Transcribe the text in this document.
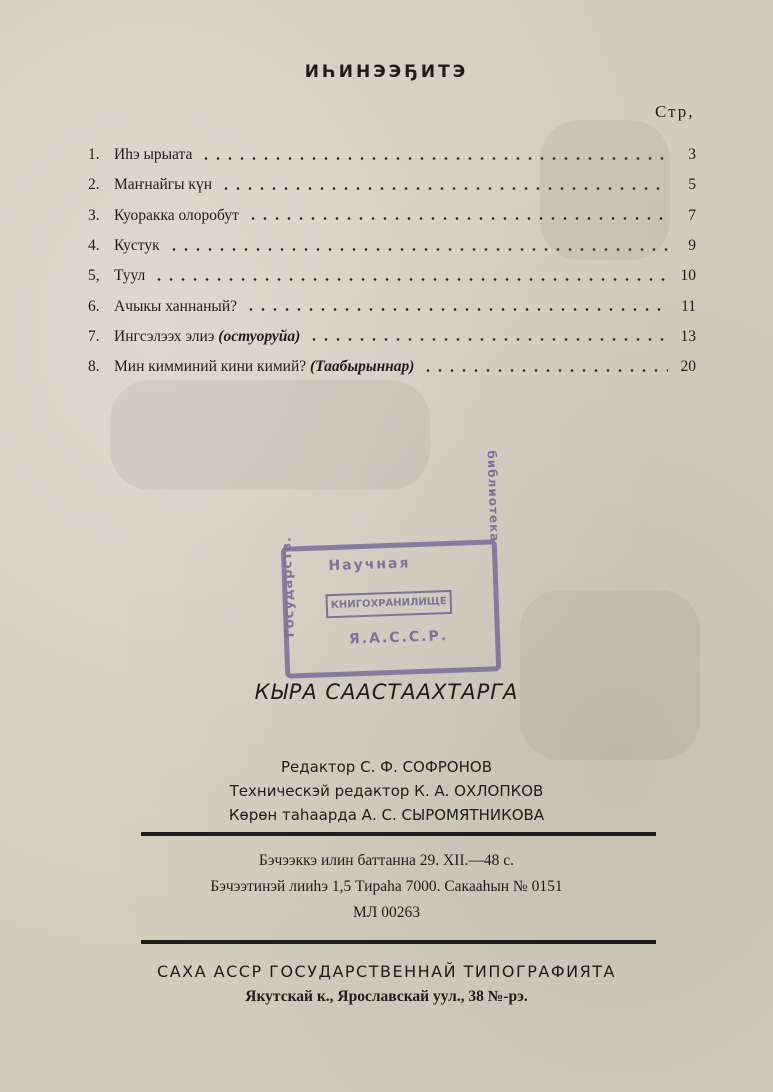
ИҺИНЭЭҔИТЭ
Стр,
1. Иһэ ырыата	3
2. Маҥнайгы күн	5
3. Куоракка олоробут	7
4. Кустук	9
5, Туул	10
6. Ачыкы ханнаный?	11
7. Ингсэлээх элиэ (остуоруйа)	13
8. Мин кимминий кини кимий? (Таабырыннар)	20
Научная
КНИГОХРАНИЛИЩЕ
Я.А.С.С.Р.
Государств.
библиотека
КЫРА СААСТААХТАРГА

Редактор С. Ф. СОФРОНОВ

Техническэй редактор К. А. ОХЛОПКОВ

Көрөн таһаарда А. С. СЫРОМЯТНИКОВА

Бэчээккэ илин баттанна 29. XII.—48 с.
Бэчээтинэй лииһэ 1,5 Тираһа 7000. Сакааһын № 0151
МЛ 00263
САХА АССР ГОСУДАРСТВЕННАЙ ТИПОГРАФИЯТА
Якутскай к., Ярославскай уул., 38 №-рэ.
